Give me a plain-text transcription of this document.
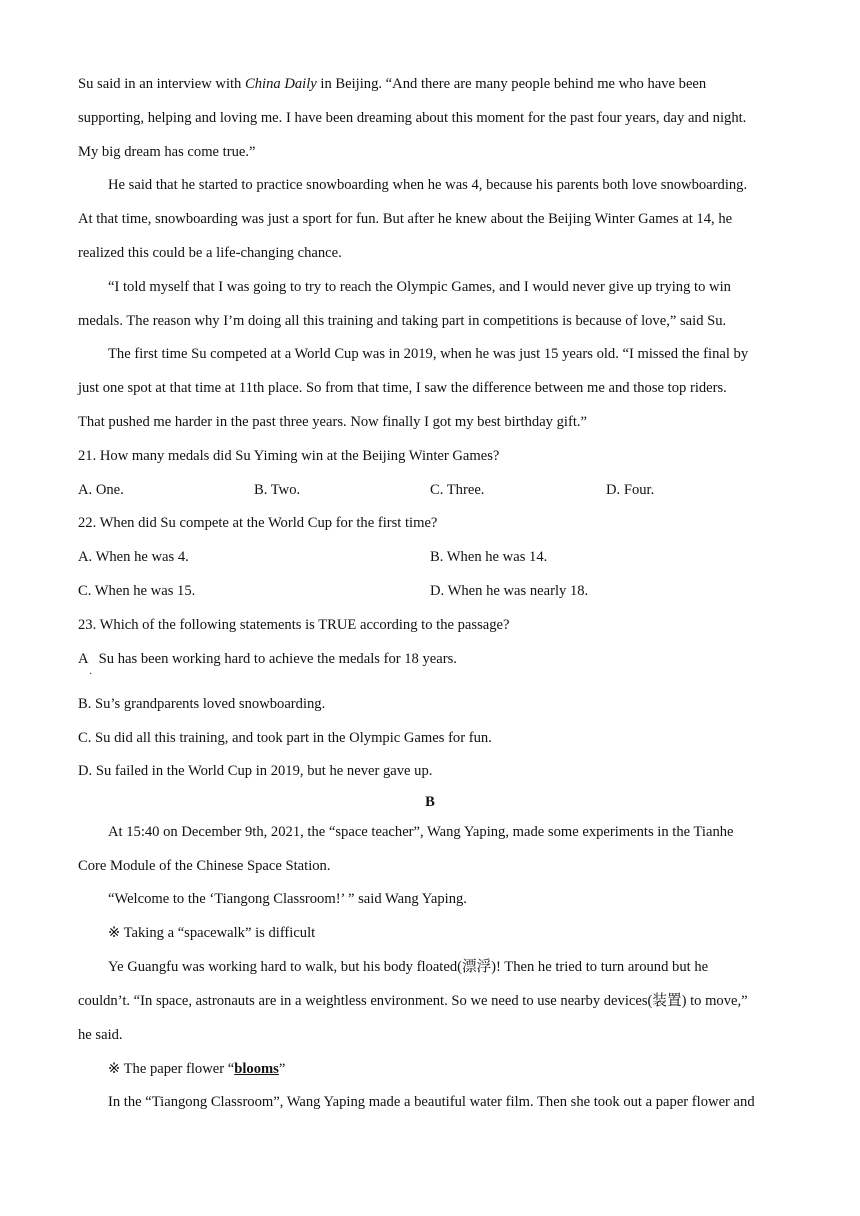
Su said in an interview with China Daily in Beijing. “And there are many people behind me who have been
supporting, helping and loving me. I have been dreaming about this moment for the past four years, day and night.
My big dream has come true.”
He said that he started to practice snowboarding when he was 4, because his parents both love snowboarding.
At that time, snowboarding was just a sport for fun. But after he knew about the Beijing Winter Games at 14, he
realized this could be a life-changing chance.
“I told myself that I was going to try to reach the Olympic Games, and I would never give up trying to win
medals. The reason why I’m doing all this training and taking part in competitions is because of love,” said Su.
The first time Su competed at a World Cup was in 2019, when he was just 15 years old. “I missed the final by
just one spot at that time at 11th place. So from that time, I saw the difference between me and those top riders.
That pushed me harder in the past three years. Now finally I got my best birthday gift.”
21. How many medals did Su Yiming win at the Beijing Winter Games?
A. One.	B. Two.	C. Three.	D. Four.
22. When did Su compete at the World Cup for the first time?
A. When he was 4.	B. When he was 14.
C. When he was 15.	D. When he was nearly 18.
23. Which of the following statements is TRUE according to the passage?
A   Su has been working hard to achieve the medals for 18 years.
·
B. Su’s grandparents loved snowboarding.
C. Su did all this training, and took part in the Olympic Games for fun.
D. Su failed in the World Cup in 2019, but he never gave up.
B
At 15:40 on December 9th, 2021, the “space teacher”, Wang Yaping, made some experiments in the Tianhe
Core Module of the Chinese Space Station.
“Welcome to the ‘Tiangong Classroom!’ ” said Wang Yaping.
※ Taking a “spacewalk” is difficult
Ye Guangfu was working hard to walk, but his body floated(漂浮)! Then he tried to turn around but he
couldn’t. “In space, astronauts are in a weightless environment. So we need to use nearby devices(装置) to move,”
he said.
※ The paper flower “blooms”
In the “Tiangong Classroom”, Wang Yaping made a beautiful water film. Then she took out a paper flower and
